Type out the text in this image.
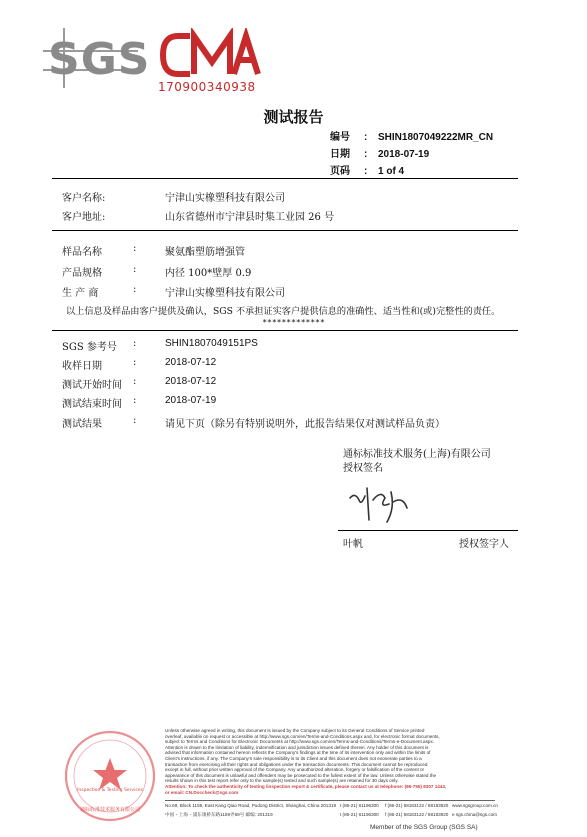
SGS
170900340938
测试报告
编号 : SHIN1807049222MR_CN
日期 : 2018-07-19
页码 : 1 of 4
客户名称:	宁津山实橡塑科技有限公司
客户地址:	山东省德州市宁津县时集工业园 26 号
样品名称	:	聚氨酯塑筋增强管
产品规格	:	内径 100*壁厚 0.9
生 产 商	:	宁津山实橡塑科技有限公司
以上信息及样品由客户提供及确认，SGS 不承担证实客户提供信息的准确性、适当性和(或)完整性的责任。
*************
SGS 参考号 :	SHIN1807049151PS
收样日期	:	2018-07-12
测试开始时间 :	2018-07-12
测试结束时间 :	2018-07-19
测试结果	:	请见下页（除另有特别说明外，此报告结果仅对测试样品负责）
通标标准技术服务(上海)有限公司
授权签名
叶帆	授权签字人
通标标准技术服务有限公司
Inspection & Testing Services
Unless otherwise agreed in writing, this document is issued by the Company subject to its General Conditions of Service printed
overleaf, available on request or accessible at http://www.sgs.com/en/Terms-and-Conditions.aspx and, for electronic format documents,
subject to Terms and Conditions for Electronic Documents at http://www.sgs.com/en/Terms-and-Conditions/Terms-e-Document.aspx.
Attention is drawn to the limitation of liability, indemnification and jurisdiction issues defined therein. Any holder of this document is
advised that information contained hereon reflects the Company's findings at the time of its intervention only and within the limits of
Client's instructions, if any. The Company's sole responsibility is to its Client and this document does not exonerate parties to a
transaction from exercising all their rights and obligations under the transaction documents. This document cannot be reproduced
except in full, without prior written approval of the Company. Any unauthorized alteration, forgery or falsification of the content or
appearance of this document is unlawful and offenders may be prosecuted to the fullest extent of the law. Unless otherwise stated the
results shown in this test report refer only to the sample(s) tested and such sample(s) are retained for 30 days only.
Attention: To check the authenticity of testing /inspection report & certificate, please contact us at telephone: (86-755) 8307 1443,
or email: CN.Doccheck@sgs.com
No.69, Block 1159, East Kang Qiao Road, Pudong District, Shanghai, China 201319 t (86-21) 61196300 f (86-21) 68183122 / 68183920 www.sgsgroup.com.cn
中国・上海・浦东康桥东路1159弄69号 邮编: 201319	t (86-21) 61196300 f (86-21) 68183122 / 68183920 e sgs.china@sgs.com
Member of the SGS Group (SGS SA)
